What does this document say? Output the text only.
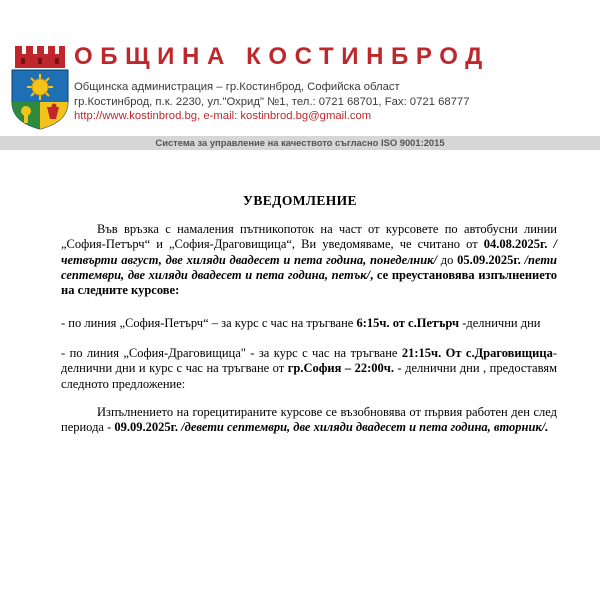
ОБЩИНА КОСТИНБРОД
Общинска администрация – гр.Костинброд, Софийска област
гр.Костинброд, п.к. 2230, ул."Охрид" №1, тел.: 0721 68701, Fax: 0721 68777
http://www.kostinbrod.bg, e-mail: kostinbrod.bg@gmail.com
Система за управление на качеството съгласно ISO 9001:2015
УВЕДОМЛЕНИЕ
Във връзка с намаления пътникопоток на част от курсовете по автобусни линии „София-Петърч“ и „София-Драговищица“, Ви уведомяваме, че считано от 04.08.2025г. /четвърти август, две хиляди двадесет и пета година, понеделник/ до 05.09.2025г. /пети септември, две хиляди двадесет и пета година, петък/, се преустановява изпълнението на следните курсове:
- по линия „София-Петърч“ – за курс с час на тръгване 6:15ч. от с.Петърч -делнични дни
- по линия „София-Драговищица" - за курс с час на тръгване 21:15ч. От с.Драговищица- делнични дни и курс с час на тръгване от гр.София – 22:00ч. - делнични дни , предоставям следното предложение:
Изпълнението на горецитираните курсове се възобновява от първия работен ден след периода - 09.09.2025г. /девети септември, две хиляди двадесет и пета година, вторник/.
